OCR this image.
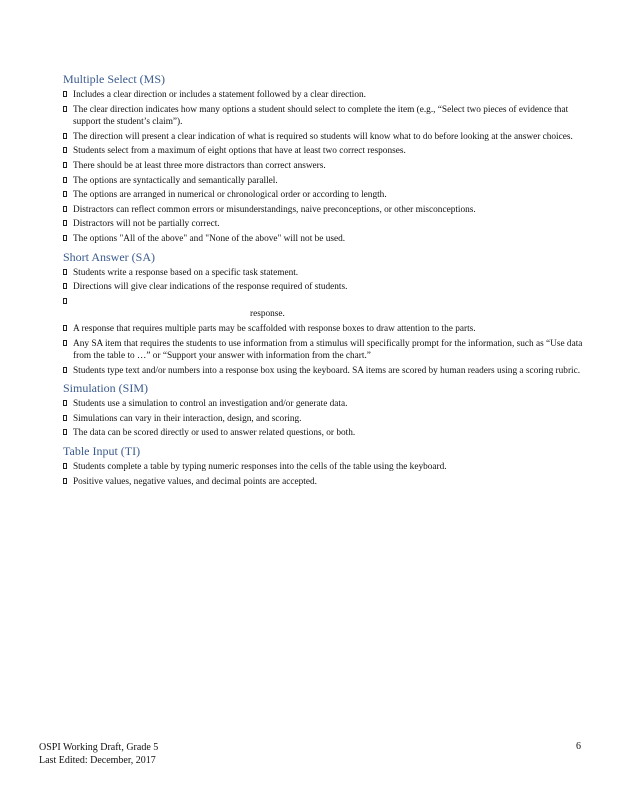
Multiple Select (MS)
Includes a clear direction or includes a statement followed by a clear direction.
The clear direction indicates how many options a student should select to complete the item (e.g., “Select two pieces of evidence that support the student’s claim”).
The direction will present a clear indication of what is required so students will know what to do before looking at the answer choices.
Students select from a maximum of eight options that have at least two correct responses.
There should be at least three more distractors than correct answers.
The options are syntactically and semantically parallel.
The options are arranged in numerical or chronological order or according to length.
Distractors can reflect common errors or misunderstandings, naive preconceptions, or other misconceptions.
Distractors will not be partially correct.
The options "All of the above" and "None of the above" will not be used.
Short Answer (SA)
Students write a response based on a specific task statement.
Directions will give clear indications of the response required of students.

response.
A response that requires multiple parts may be scaffolded with response boxes to draw attention to the parts.
Any SA item that requires the students to use information from a stimulus will specifically prompt for the information, such as “Use data from the table to …” or “Support your answer with information from the chart.”
Students type text and/or numbers into a response box using the keyboard. SA items are scored by human readers using a scoring rubric.
Simulation (SIM)
Students use a simulation to control an investigation and/or generate data.
Simulations can vary in their interaction, design, and scoring.
The data can be scored directly or used to answer related questions, or both.
Table Input (TI)
Students complete a table by typing numeric responses into the cells of the table using the keyboard.
Positive values, negative values, and decimal points are accepted.
OSPI Working Draft, Grade 5
Last Edited: December, 2017
6
